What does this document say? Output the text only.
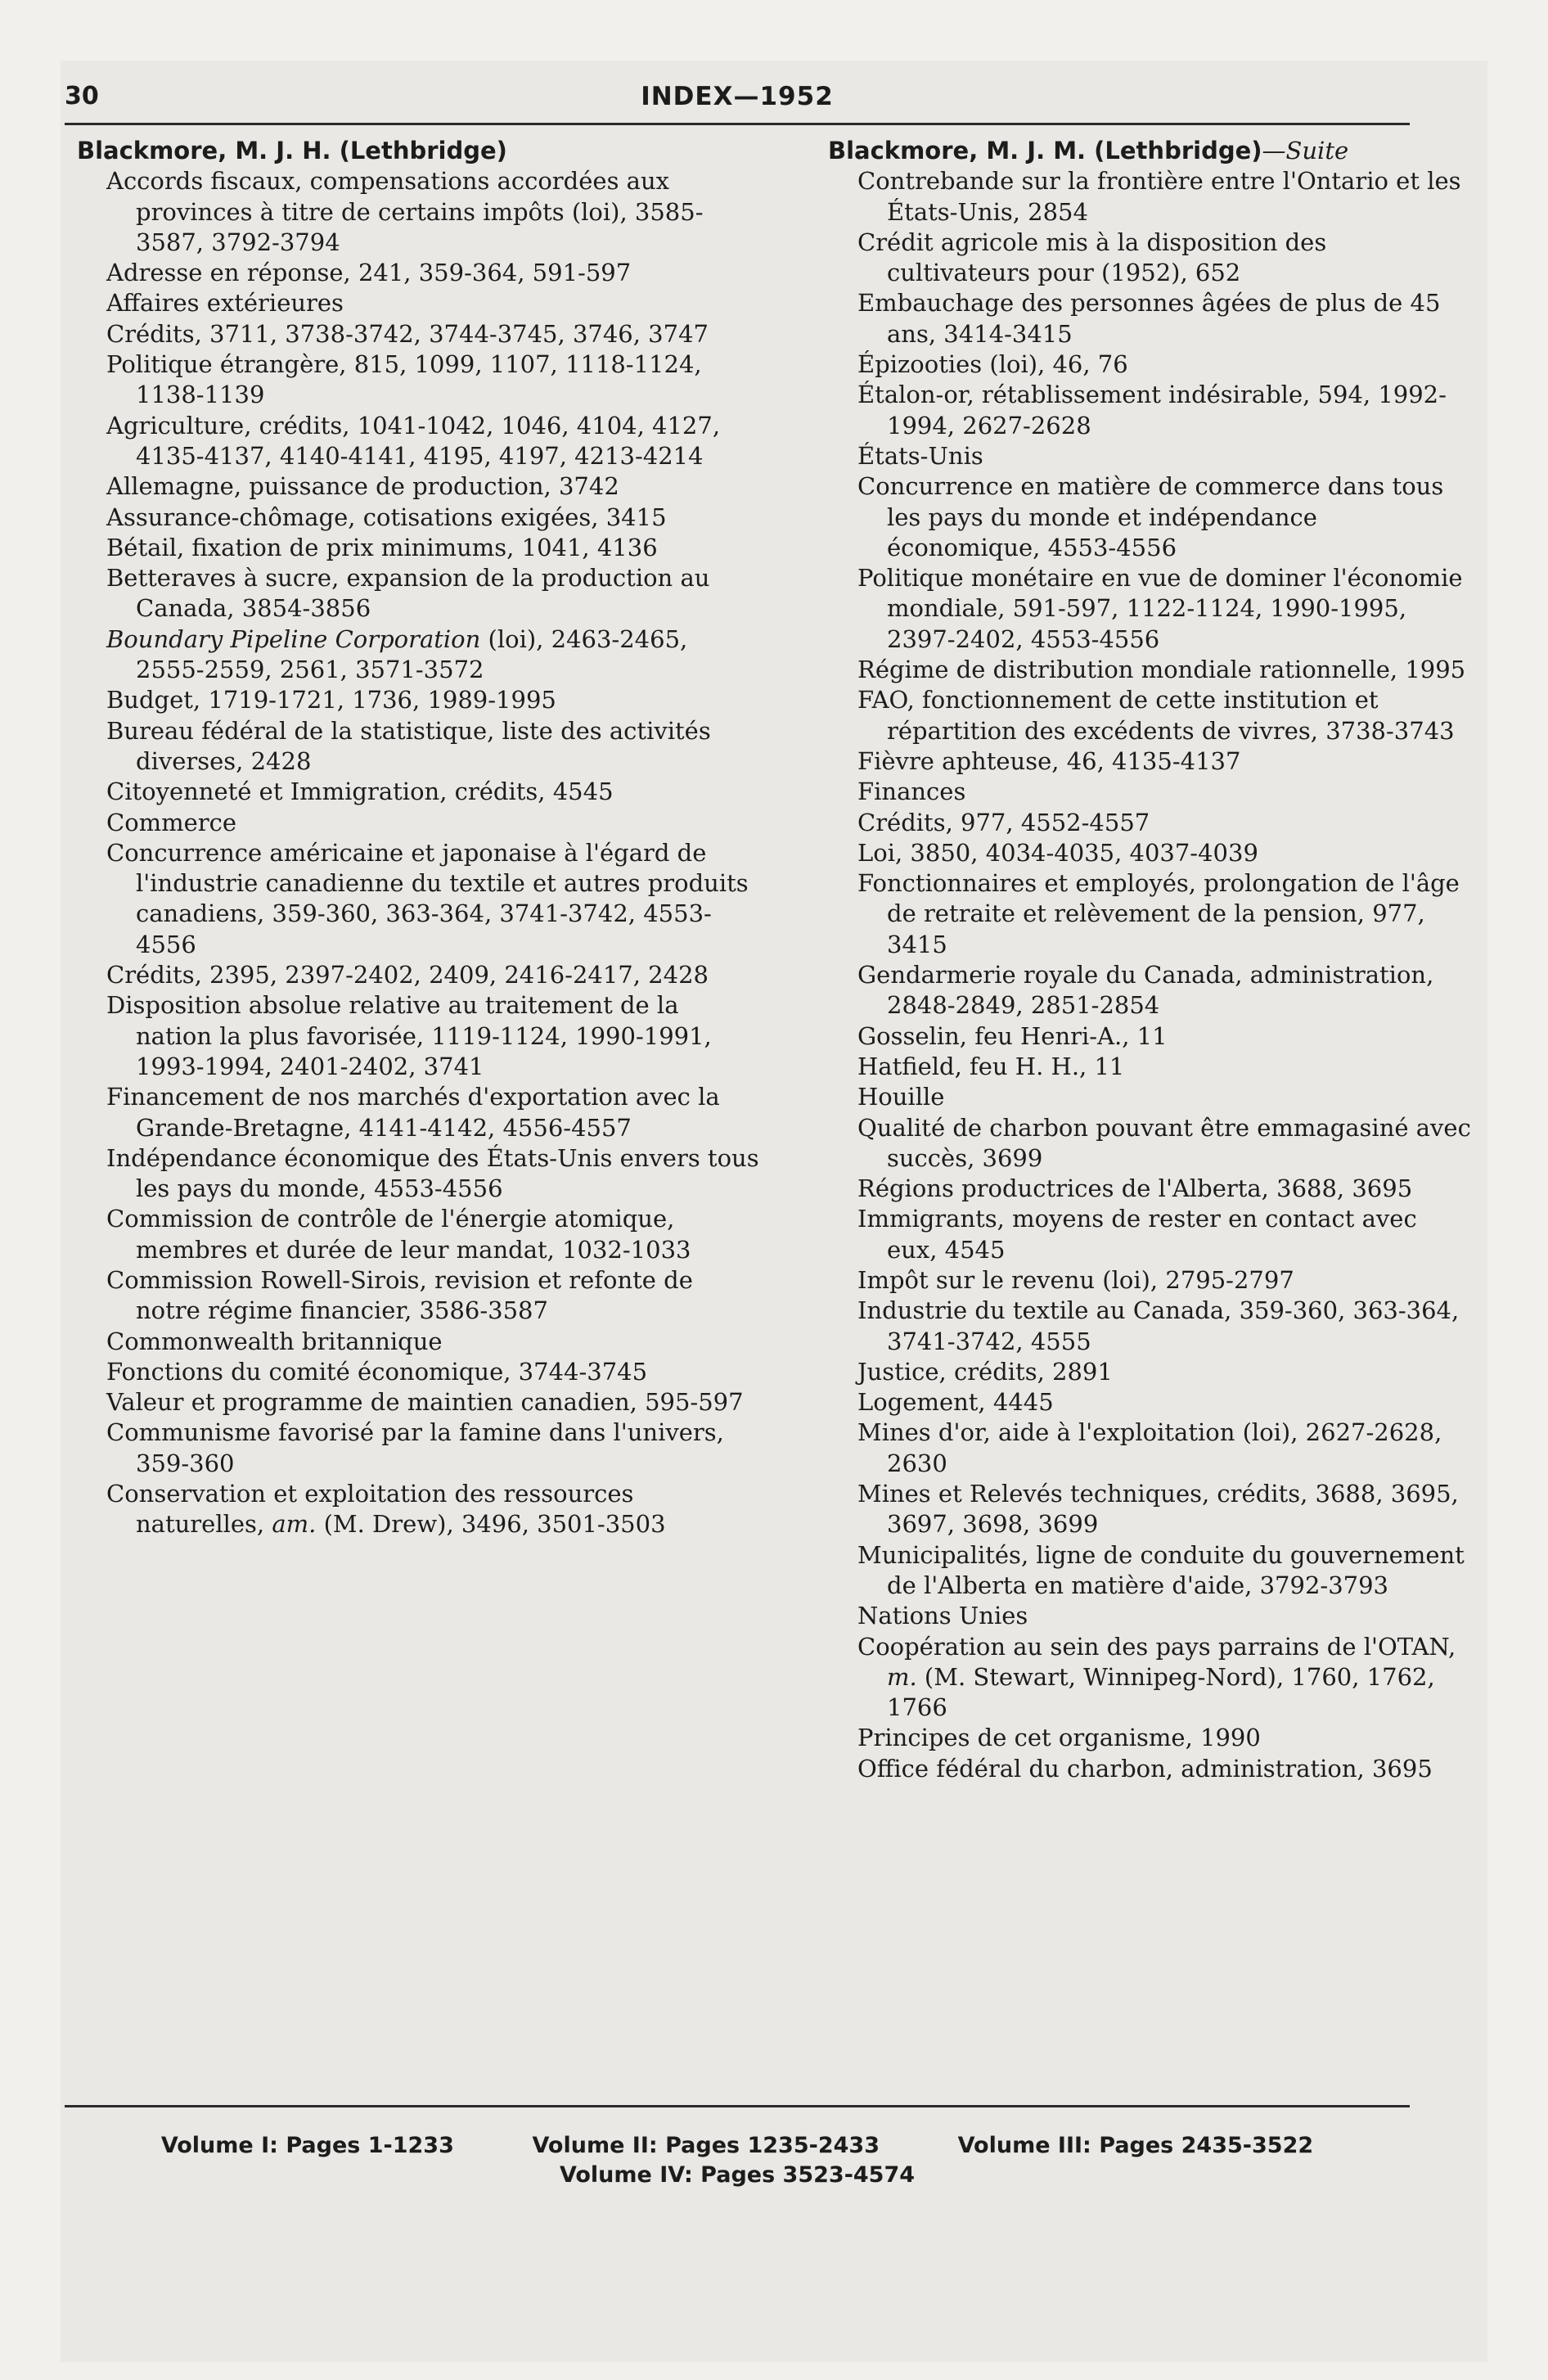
30	INDEX—1952

Blackmore, M. J. H. (Lethbridge)

Accords fiscaux, compensations accordées aux provinces à titre de certains impôts (loi), 3585-3587, 3792-3794

Adresse en réponse, 241, 359-364, 591-597

Affaires extérieures

Crédits, 3711, 3738-3742, 3744-3745, 3746, 3747

Politique étrangère, 815, 1099, 1107, 1118-1124, 1138-1139

Agriculture, crédits, 1041-1042, 1046, 4104, 4127, 4135-4137, 4140-4141, 4195, 4197, 4213-4214

Allemagne, puissance de production, 3742

Assurance-chômage, cotisations exigées, 3415

Bétail, fixation de prix minimums, 1041, 4136

Betteraves à sucre, expansion de la production au Canada, 3854-3856

Boundary Pipeline Corporation (loi), 2463-2465, 2555-2559, 2561, 3571-3572

Budget, 1719-1721, 1736, 1989-1995

Bureau fédéral de la statistique, liste des activités diverses, 2428

Citoyenneté et Immigration, crédits, 4545

Commerce

Concurrence américaine et japonaise à l'égard de l'industrie canadienne du textile et autres produits canadiens, 359-360, 363-364, 3741-3742, 4553-4556

Crédits, 2395, 2397-2402, 2409, 2416-2417, 2428

Disposition absolue relative au traitement de la nation la plus favorisée, 1119-1124, 1990-1991, 1993-1994, 2401-2402, 3741

Financement de nos marchés d'exportation avec la Grande-Bretagne, 4141-4142, 4556-4557

Indépendance économique des États-Unis envers tous les pays du monde, 4553-4556

Commission de contrôle de l'énergie atomique, membres et durée de leur mandat, 1032-1033

Commission Rowell-Sirois, revision et refonte de notre régime financier, 3586-3587

Commonwealth britannique

Fonctions du comité économique, 3744-3745

Valeur et programme de maintien canadien, 595-597

Communisme favorisé par la famine dans l'univers, 359-360

Conservation et exploitation des ressources naturelles, am. (M. Drew), 3496, 3501-3503

Blackmore, M. J. M. (Lethbridge)—Suite

Contrebande sur la frontière entre l'Ontario et les États-Unis, 2854

Crédit agricole mis à la disposition des cultivateurs pour (1952), 652

Embauchage des personnes âgées de plus de 45 ans, 3414-3415

Épizooties (loi), 46, 76

Étalon-or, rétablissement indésirable, 594, 1992-1994, 2627-2628

États-Unis

Concurrence en matière de commerce dans tous les pays du monde et indépendance économique, 4553-4556

Politique monétaire en vue de dominer l'économie mondiale, 591-597, 1122-1124, 1990-1995, 2397-2402, 4553-4556

Régime de distribution mondiale rationnelle, 1995

FAO, fonctionnement de cette institution et répartition des excédents de vivres, 3738-3743

Fièvre aphteuse, 46, 4135-4137

Finances

Crédits, 977, 4552-4557

Loi, 3850, 4034-4035, 4037-4039

Fonctionnaires et employés, prolongation de l'âge de retraite et relèvement de la pension, 977, 3415

Gendarmerie royale du Canada, administration, 2848-2849, 2851-2854

Gosselin, feu Henri-A., 11

Hatfield, feu H. H., 11

Houille

Qualité de charbon pouvant être emmagasiné avec succès, 3699

Régions productrices de l'Alberta, 3688, 3695

Immigrants, moyens de rester en contact avec eux, 4545

Impôt sur le revenu (loi), 2795-2797

Industrie du textile au Canada, 359-360, 363-364, 3741-3742, 4555

Justice, crédits, 2891

Logement, 4445

Mines d'or, aide à l'exploitation (loi), 2627-2628, 2630

Mines et Relevés techniques, crédits, 3688, 3695, 3697, 3698, 3699

Municipalités, ligne de conduite du gouvernement de l'Alberta en matière d'aide, 3792-3793

Nations Unies

Coopération au sein des pays parrains de l'OTAN, m. (M. Stewart, Winnipeg-Nord), 1760, 1762, 1766

Principes de cet organisme, 1990

Office fédéral du charbon, administration, 3695

Volume I: Pages 1-1233	Volume II: Pages 1235-2433	Volume III: Pages 2435-3522
Volume IV: Pages 3523-4574
